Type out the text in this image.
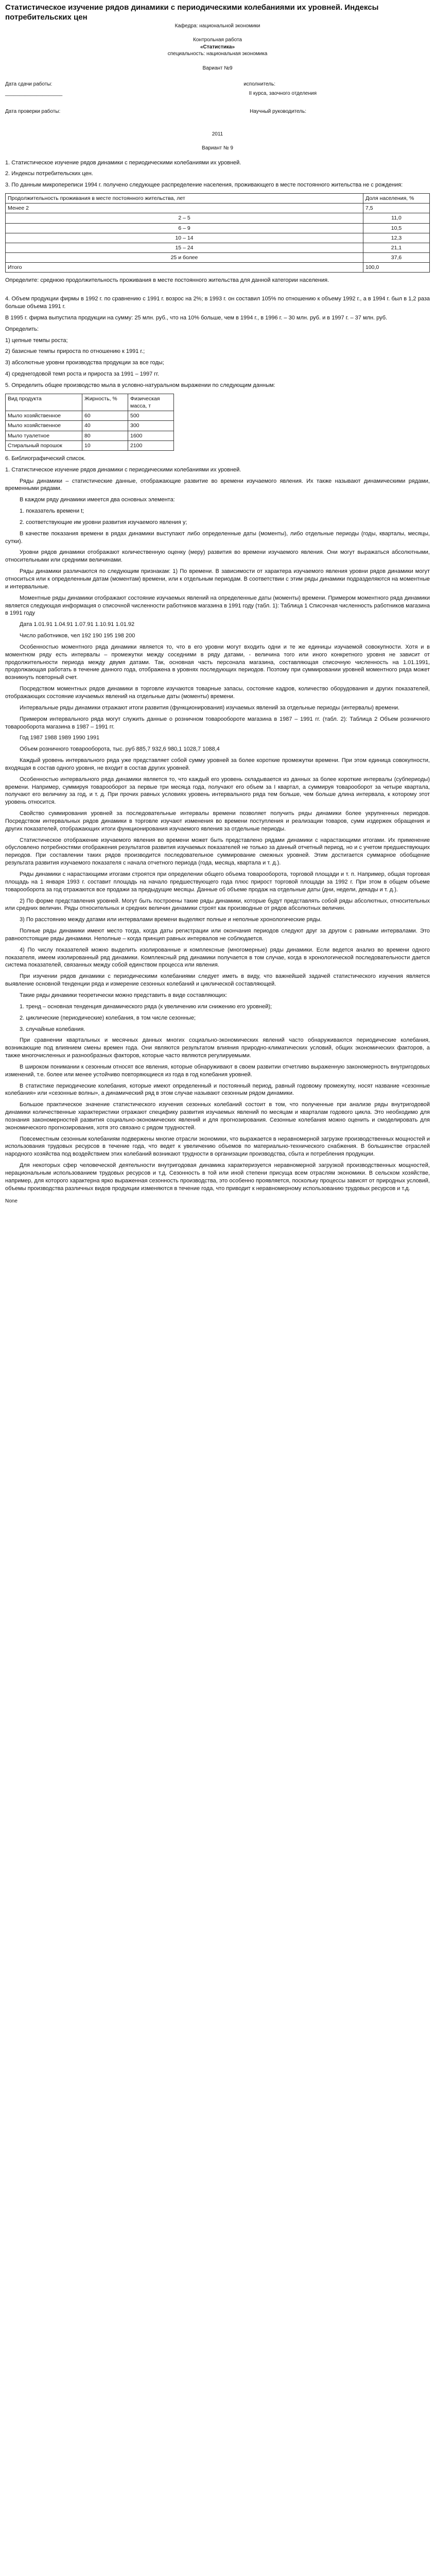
Статистическое изучение рядов динамики с периодическими колебаниями их уровней. Индексы потребительских цен
Кафедра: национальной экономики
Контрольная работа
«Статистика»
специальность: национальная экономика
Вариант №9
Дата сдачи работы:	исполнитель:
____________________	II курса, заочного отделения
Дата проверки работы:	Научный руководитель:
2011
Вариант № 9

1. Статистическое изучение рядов динамики с периодическими колебаниями их уровней.

2. Индексы потребительских цен.

3. По данным микропереписи 1994 г. получено следующее распределение населения, проживающего в месте постоянного жительства не с рождения:

Продолжительность проживания в месте постоянного жительства, лет	Доля населения, %
Менее 2	7,5
2 – 5	11,0
6 – 9	10,5
10 – 14	12,3
15 – 24	21,1
25 и более	37,6
Итого	100,0

Определите: среднюю продолжительность проживания в месте постоянного жительства для данной категории населения.

4. Объем продукции фирмы в 1992 г. по сравнению с 1991 г. возрос на 2%; в 1993 г. он составил 105% по отношению к объему 1992 г., а в 1994 г. был в 1,2 раза больше объема 1991 г.

В 1995 г. фирма выпустила продукции на сумму: 25 млн. руб., что на 10% больше, чем в 1994 г., в 1996 г. – 30 млн. руб. и в 1997 г. – 37 млн. руб.

Определить:

1) цепные темпы роста;

2) базисные темпы прироста по отношению к 1991 г.;

3) абсолютные уровни производства продукции за все годы;

4) среднегодовой темп роста и прироста за 1991 – 1997 гг.

5. Определить общее производство мыла в условно-натуральном выражении по следующим данным:

Вид продукта	Жирность, %	Физическая масса, т
Мыло хозяйственное	60	500
Мыло хозяйственное	40	300
Мыло туалетное	80	1600
Стиральный порошок	10	2100

6. Библиографический список.

1. Статистическое изучение рядов динамики с периодическими колебаниями их уровней.

Ряды динамики – статистические данные, отображающие развитие во времени изучаемого явления. Их также называют динамическими рядами, временными рядами.

В каждом ряду динамики имеется два основных элемента:

1. показатель времени t;

2. соответствующие им уровни развития изучаемого явления y;

В качестве показания времени в рядах динамики выступают либо определенные даты (моменты), либо отдельные периоды (годы, кварталы, месяцы, сутки).

Уровни рядов динамики отображают количественную оценку (меру) развития во времени изучаемого явления. Они могут выражаться абсолютными, относительными или средними величинами.

Ряды динамики различаются по следующим признакам: 1) По времени. В зависимости от характера изучаемого явления уровни рядов динамики могут относиться или к определенным датам (моментам) времени, или к отдельным периодам. В соответствии с этим ряды динамики подразделяются на моментные и интервальные.

Моментные ряды динамики отображают состояние изучаемых явлений на определенные даты (моменты) времени. Примером моментного ряда динамики является следующая информация о списочной численности работников магазина в 1991 году (табл. 1): Таблица 1 Списочная численность работников магазина в 1991 году

Дата 1.01.91 1.04.91 1.07.91 1.10.91 1.01.92

Число работников, чел 192 190 195 198 200

Особенностью моментного ряда динамики является то, что в его уровни могут входить одни и те же единицы изучаемой совокупности. Хотя и в моментном ряду есть интервалы – промежутки между соседними в ряду датами, - величина того или иного конкретного уровня не зависит от продолжительности периода между двумя датами. Так, основная часть персонала магазина, составляющая списочную численность на 1.01.1991, продолжающая работать в течение данного года, отображена в уровнях последующих периодов. Поэтому при суммировании уровней моментного ряда может возникнуть повторный счет.

Посредством моментных рядов динамики в торговле изучаются товарные запасы, состояние кадров, количество оборудования и других показателей, отображающих состояние изучаемых явлений на отдельные даты (моменты) времени.

Интервальные ряды динамики отражают итоги развития (функционирования) изучаемых явлений за отдельные периоды (интервалы) времени.

Примером интервального ряда могут служить данные о розничном товарообороте магазина в 1987 – 1991 гг. (табл. 2): Таблица 2 Объем розничного товарооборота магазина в 1987 – 1991 гг.

Год 1987 1988 1989 1990 1991

Объем розничного товарооборота, тыс. руб 885,7 932,6 980,1 1028,7 1088,4

Каждый уровень интервального ряда уже представляет собой сумму уровней за более короткие промежутки времени. При этом единица совокупности, входящая в состав одного уровня, не входит в состав других уровней.

Особенностью интервального ряда динамики является то, что каждый его уровень складывается из данных за более короткие интервалы (субпериоды) времени. Например, суммируя товарооборот за первые три месяца года, получают его объем за I квартал, а суммируя товарооборот за четыре квартала, получают его величину за год, и т. д. При прочих равных условиях уровень интервального ряда тем больше, чем больше длина интервала, к которому этот уровень относится.

Свойство суммирования уровней за последовательные интервалы времени позволяет получить ряды динамики более укрупненных периодов. Посредством интервальных рядов динамики в торговле изучают изменения во времени поступления и реализации товаров, сумм издержек обращения и других показателей, отображающих итоги функционирования изучаемого явления за отдельные периоды.

Статистическое отображение изучаемого явления во времени может быть представлено рядами динамики с нарастающими итогами. Их применение обусловлено потребностями отображения результатов развития изучаемых показателей не только за данный отчетный период, но и с учетом предшествующих периодов. При составлении таких рядов производится последовательное суммирование смежных уровней. Этим достигается суммарное обобщение результата развития изучаемого показателя с начала отчетного периода (года, месяца, квартала и т. д.).

Ряды динамики с нарастающими итогами строятся при определении общего объема товарооборота, торговой площади и т. п. Например, общая торговая площадь на 1 января 1993 г. составит площадь на начало предшествующего года плюс прирост торговой площади за 1992 г. При этом в общем объеме товарооборота за год отражаются все продажи за предыдущие месяцы. Данные об объеме продаж на отдельные даты (дни, недели, декады и т. д.).

2) По форме представления уровней. Могут быть построены такие ряды динамики, которые будут представлять собой ряды абсолютных, относительных или средних величин. Ряды относительных и средних величин динамики строят как производные от рядов абсолютных величин.

3) По расстоянию между датами или интервалами времени выделяют полные и неполные хронологические ряды.

Полные ряды динамики имеют место тогда, когда даты регистрации или окончания периодов следуют друг за другом с равными интервалами. Это равноотстоящие ряды динамики. Неполные – когда принцип равных интервалов не соблюдается.

4) По числу показателей можно выделить изолированные и комплексные (многомерные) ряды динамики. Если ведется анализ во времени одного показателя, имеем изолированный ряд динамики. Комплексный ряд динамики получается в том случае, когда в хронологической последовательности дается система показателей, связанных между собой единством процесса или явления.

При изучении рядов динамики с периодическими колебаниями следует иметь в виду, что важнейшей задачей статистического изучения является выявление основной тенденции ряда и измерение сезонных колебаний и циклической составляющей.

Такие ряды динамики теоретически можно представить в виде составляющих:

1. тренд – основная тенденция динамического ряда (к увеличению или снижению его уровней);

2. циклические (периодические) колебания, в том числе сезонные;

3. случайные колебания.

При сравнении квартальных и месячных данных многих социально-экономических явлений часто обнаруживаются периодические колебания, возникающие под влиянием смены времен года. Они являются результатом влияния природно-климатических условий, общих экономических факторов, а также многочисленных и разнообразных факторов, которые часто являются регулируемыми.

В широком понимании к сезонным относят все явления, которые обнаруживают в своем развитии отчетливо выраженную закономерность внутригодовых изменений, т.е. более или менее устойчиво повторяющиеся из года в год колебания уровней.

В статистике периодические колебания, которые имеют определенный и постоянный период, равный годовому промежутку, носят название «сезонные колебания» или «сезонные волны», а динамический ряд в этом случае называют сезонным рядом динамики.

Большое практическое значение статистического изучения сезонных колебаний состоит в том, что полученные при анализе ряды внутригодовой динамики количественные характеристики отражают специфику развития изучаемых явлений по месяцам и кварталам годового цикла. Это необходимо для познания закономерностей развития социально-экономических явлений и для прогнозирования. Сезонные колебания можно оценить и смоделировать для экономического прогнозирования, хотя это связано с рядом трудностей.

Повсеместным сезонным колебаниям подвержены многие отрасли экономики, что выражается в неравномерной загрузке производственных мощностей и использования трудовых ресурсов в течение года, что ведет к увеличению объемов по материально-технического снабжения. В большинстве отраслей народного хозяйства под воздействием этих колебаний возникают трудности в организации производства, сбыта и потребления продукции.

Для некоторых сфер человеческой деятельности внутригодовая динамика характеризуется неравномерной загрузкой производственных мощностей, нерациональным использованием трудовых ресурсов и т.д. Сезонность в той или иной степени присуща всем отраслям экономики. В сельском хозяйстве, например, для которого характерна ярко выраженная сезонность производства, это особенно проявляется, поскольку процессы зависят от природных условий, объемы производства различных видов продукции изменяются в течение года, что приводит к неравномерному использованию трудовых ресурсов и т.д.

None
